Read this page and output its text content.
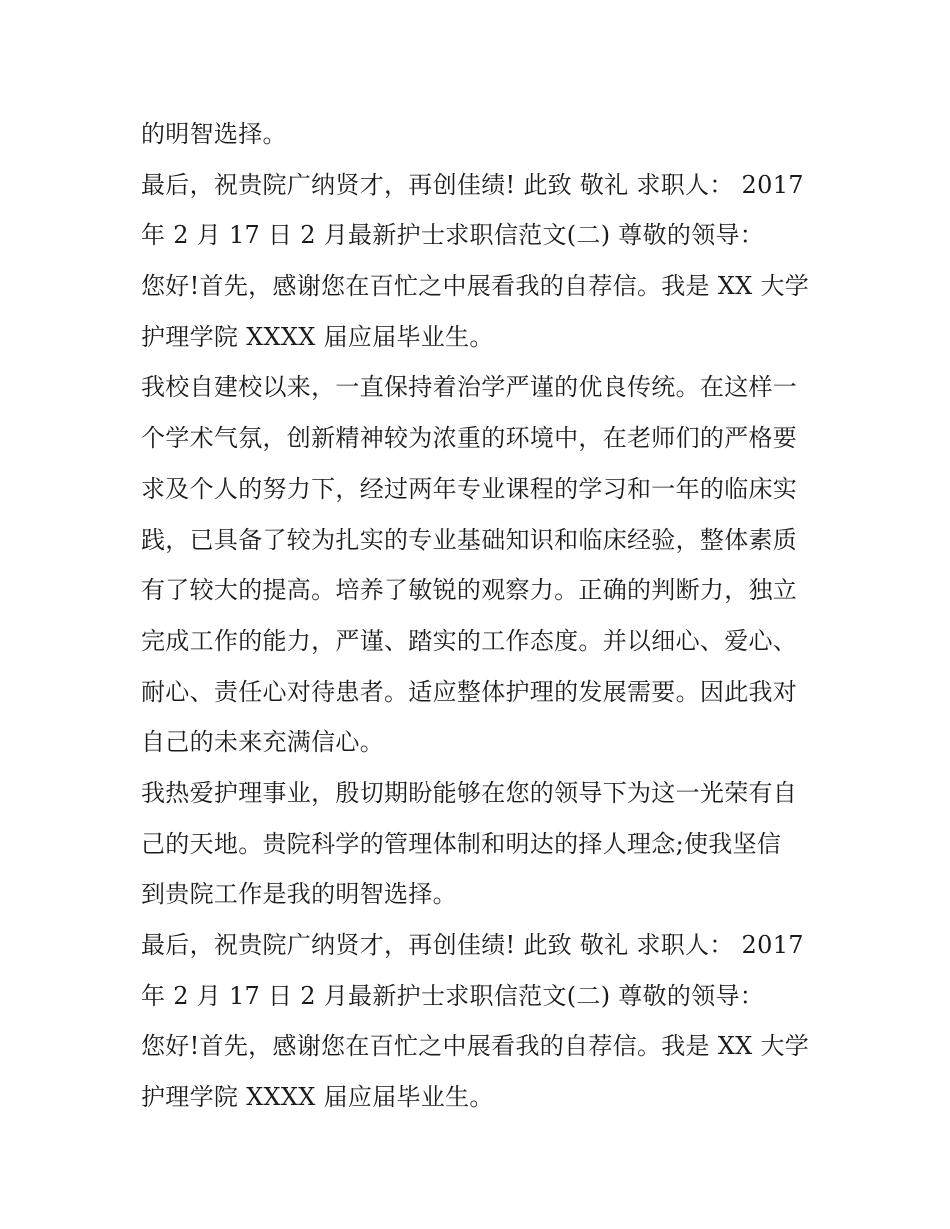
的明智选择。
最后，祝贵院广纳贤才，再创佳绩! 此致 敬礼 求职人： 2017
年 2 月 17 日 2 月最新护士求职信范文(二) 尊敬的领导：
您好!首先，感谢您在百忙之中展看我的自荐信。我是 XX 大学
护理学院 XXXX 届应届毕业生。
我校自建校以来，一直保持着治学严谨的优良传统。在这样一
个学术气氛，创新精神较为浓重的环境中，在老师们的严格要
求及个人的努力下，经过两年专业课程的学习和一年的临床实
践，已具备了较为扎实的专业基础知识和临床经验，整体素质
有了较大的提高。培养了敏锐的观察力。正确的判断力，独立
完成工作的能力，严谨、踏实的工作态度。并以细心、爱心、
耐心、责任心对待患者。适应整体护理的发展需要。因此我对
自己的未来充满信心。
我热爱护理事业，殷切期盼能够在您的领导下为这一光荣有自
己的天地。贵院科学的管理体制和明达的择人理念;使我坚信
到贵院工作是我的明智选择。
最后，祝贵院广纳贤才，再创佳绩! 此致 敬礼 求职人： 2017
年 2 月 17 日 2 月最新护士求职信范文(二) 尊敬的领导：
您好!首先，感谢您在百忙之中展看我的自荐信。我是 XX 大学
护理学院 XXXX 届应届毕业生。
